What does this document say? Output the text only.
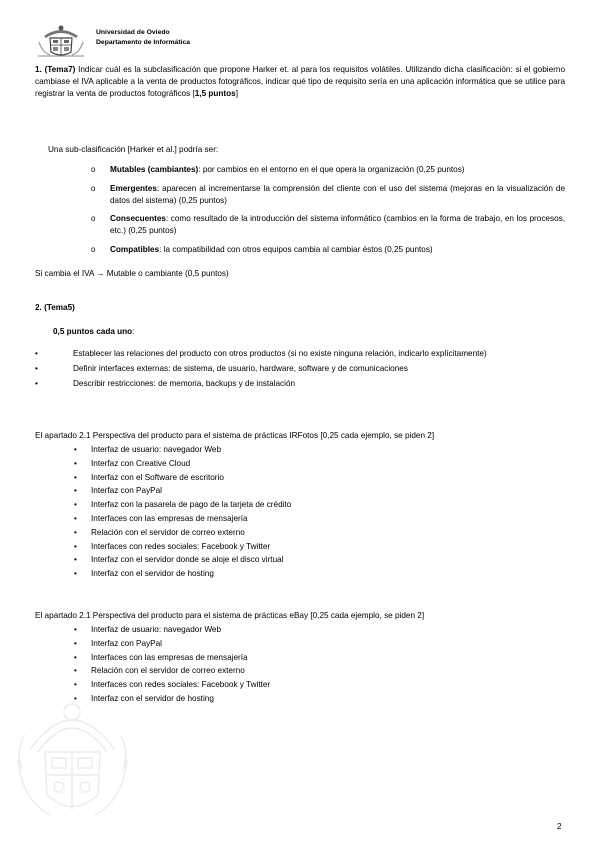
Universidad de Oviedo
Departamento de Informática

1. (Tema7) Indicar cuál es la subclasificación que propone Harker et. al para los requisitos volátiles. Utilizando dicha clasificación: si el gobierno cambiase el IVA aplicable a la venta de productos fotográficos, indicar qué tipo de requisito sería en una aplicación informática que se utilice para registrar la venta de productos fotográficos [1,5 puntos]

Una sub-clasificación [Harker et al.] podría ser:
o Mutables (cambiantes): por cambios en el entorno en el que opera la organización (0,25 puntos)
o Emergentes: aparecen al incrementarse la comprensión del cliente con el uso del sistema (mejoras en la visualización de datos del sistema) (0,25 puntos)
o Consecuentes: como resultado de la introducción del sistema informático (cambios en la forma de trabajo, en los procesos, etc.) (0,25 puntos)
o Compatibles: la compatibilidad con otros equipos cambia al cambiar éstos (0,25 puntos)
Si cambia el IVA → Mutable o cambiante (0,5 puntos)
2. (Tema5)
0,5 puntos cada uno:
•	Establecer las relaciones del producto con otros productos (si no existe ninguna relación, indicarlo explícitamente)
•	Definir interfaces externas: de sistema, de usuario, hardware, software y de comunicaciones
•	Describir restricciones: de memoria, backups y de instalación
El apartado 2.1 Perspectiva del producto para el sistema de prácticas IRFotos [0,25 cada ejemplo, se piden 2]
• Interfaz de usuario: navegador Web
• Interfaz con Creative Cloud
• Interfaz con el Software de escritorio
• Interfaz con PayPal
• Interfaz con la pasarela de pago de la tarjeta de crédito
• Interfaces con las empresas de mensajería
• Relación con el servidor de correo externo
• Interfaces con redes sociales: Facebook y Twitter
• Interfaz con el servidor donde se aloje el disco virtual
• Interfaz con el servidor de hosting
El apartado 2.1 Perspectiva del producto para el sistema de prácticas eBay [0,25 cada ejemplo, se piden 2]
• Interfaz de usuario: navegador Web
• Interfaz con PayPal
• Interfaces con las empresas de mensajería
• Relación con el servidor de correo externo
• Interfaces con redes sociales: Facebook y Twitter
• Interfaz con el servidor de hosting
2
